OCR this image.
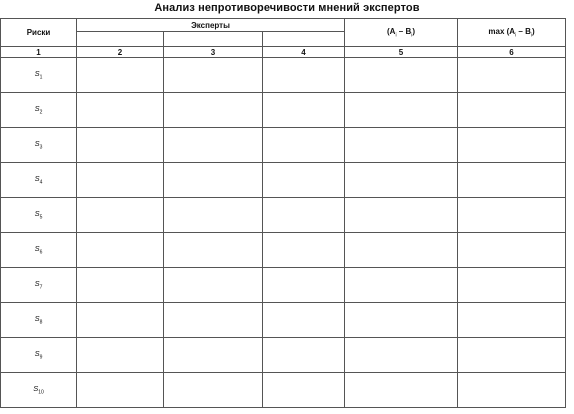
Анализ непротиворечивости мнений экспертов
Риски	Эксперты			$(A_i - B_i)$	$\max (A_i - B_i)$

1	2	3	4	5	6
$S_1$					
$S_2$					
$S_3$					
$S_4$					
$S_5$					
$S_6$					
$S_7$					
$S_8$					
$S_9$					
$S_{10}$					
